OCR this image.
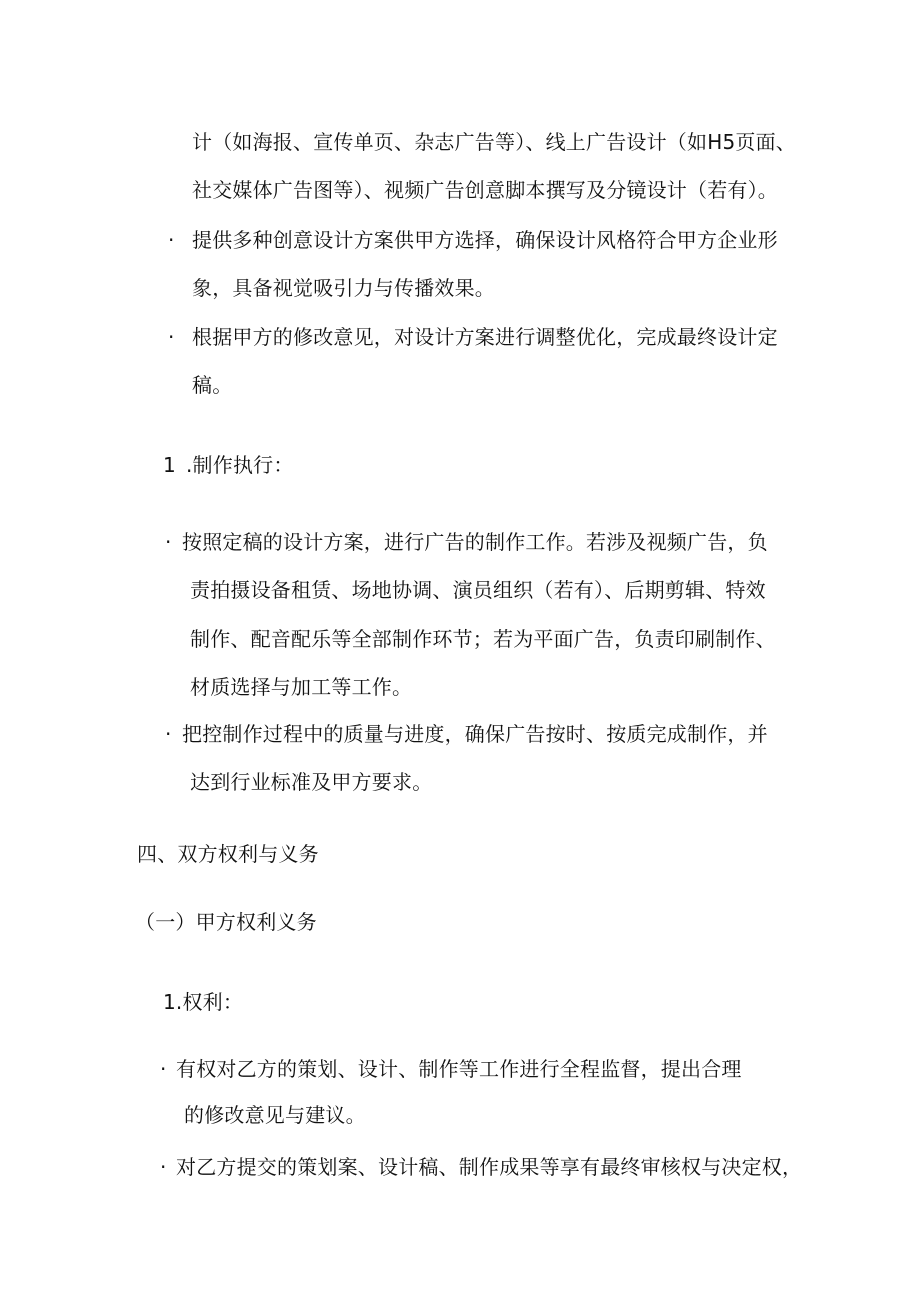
计（如海报、宣传单页、杂志广告等）、线上广告设计（如H5页面、
社交媒体广告图等）、视频广告创意脚本撰写及分镜设计（若有）。
· 提供多种创意设计方案供甲方选择，确保设计风格符合甲方企业形
象，具备视觉吸引力与传播效果。
· 根据甲方的修改意见，对设计方案进行调整优化，完成最终设计定
稿。
1 .制作执行：
· 按照定稿的设计方案，进行广告的制作工作。若涉及视频广告，负
责拍摄设备租赁、场地协调、演员组织（若有）、后期剪辑、特效
制作、配音配乐等全部制作环节；若为平面广告，负责印刷制作、
材质选择与加工等工作。
· 把控制作过程中的质量与进度，确保广告按时、按质完成制作，并
达到行业标准及甲方要求。
四、双方权利与义务
（一）甲方权利义务
1.权利：
· 有权对乙方的策划、设计、制作等工作进行全程监督，提出合理
的修改意见与建议。
· 对乙方提交的策划案、设计稿、制作成果等享有最终审核权与决定权，
